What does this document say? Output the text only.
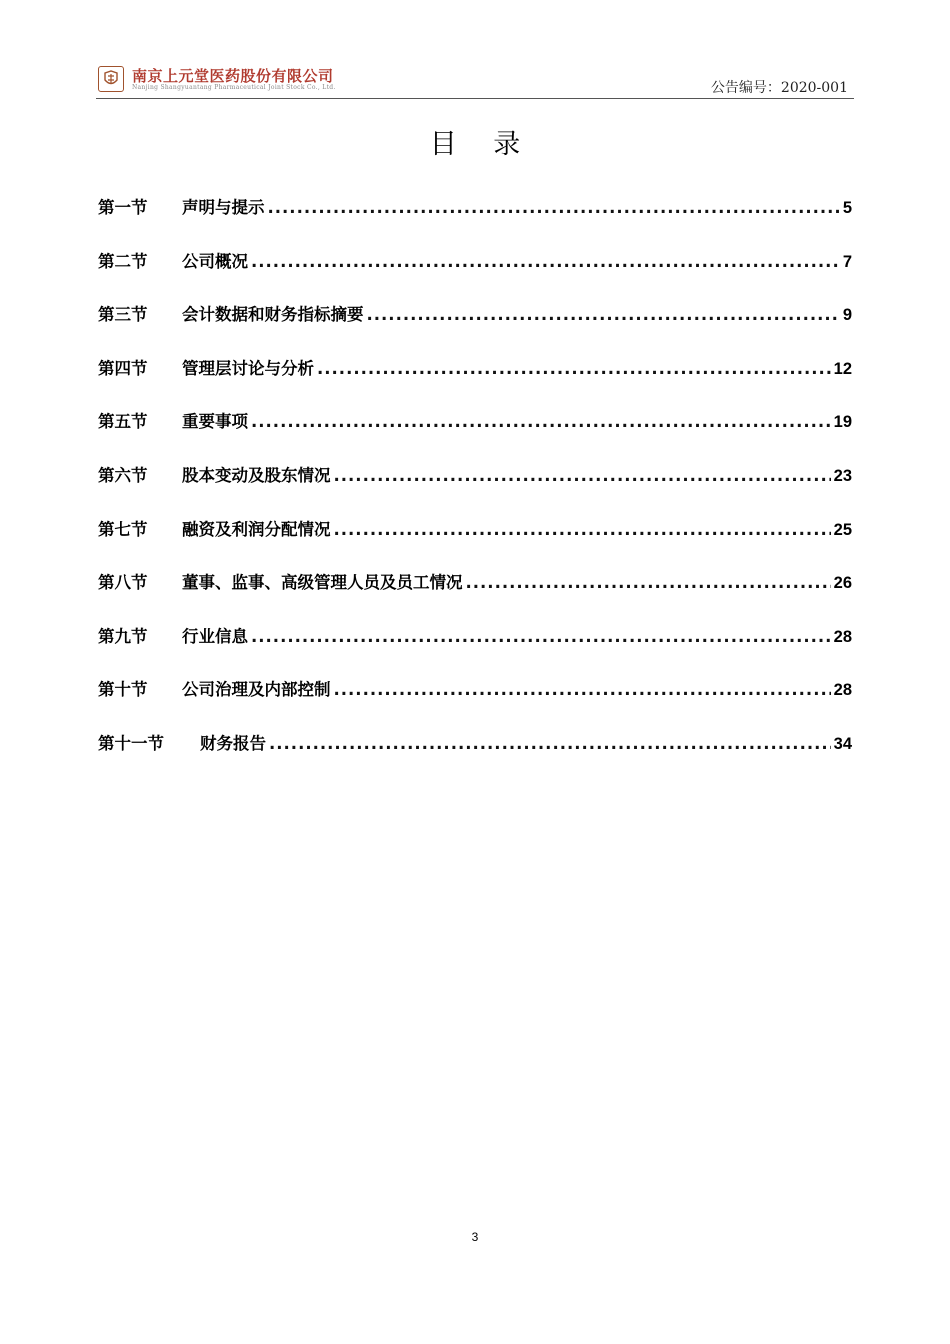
南京上元堂医药股份有限公司
Nanjing Shangyuantang Pharmaceutical Joint Stock Co., Ltd.	公告编号：2020-001
目 录
第一节	声明与提示 .....	5
第二节	公司概况 .....	7
第三节	会计数据和财务指标摘要 .....	9
第四节	管理层讨论与分析 .....	12
第五节	重要事项 .....	19
第六节	股本变动及股东情况 .....	23
第七节	融资及利润分配情况 .....	25
第八节	董事、监事、高级管理人员及员工情况 .....	26
第九节	行业信息 .....	28
第十节	公司治理及内部控制 .....	28
第十一节	财务报告 .....	34
3
